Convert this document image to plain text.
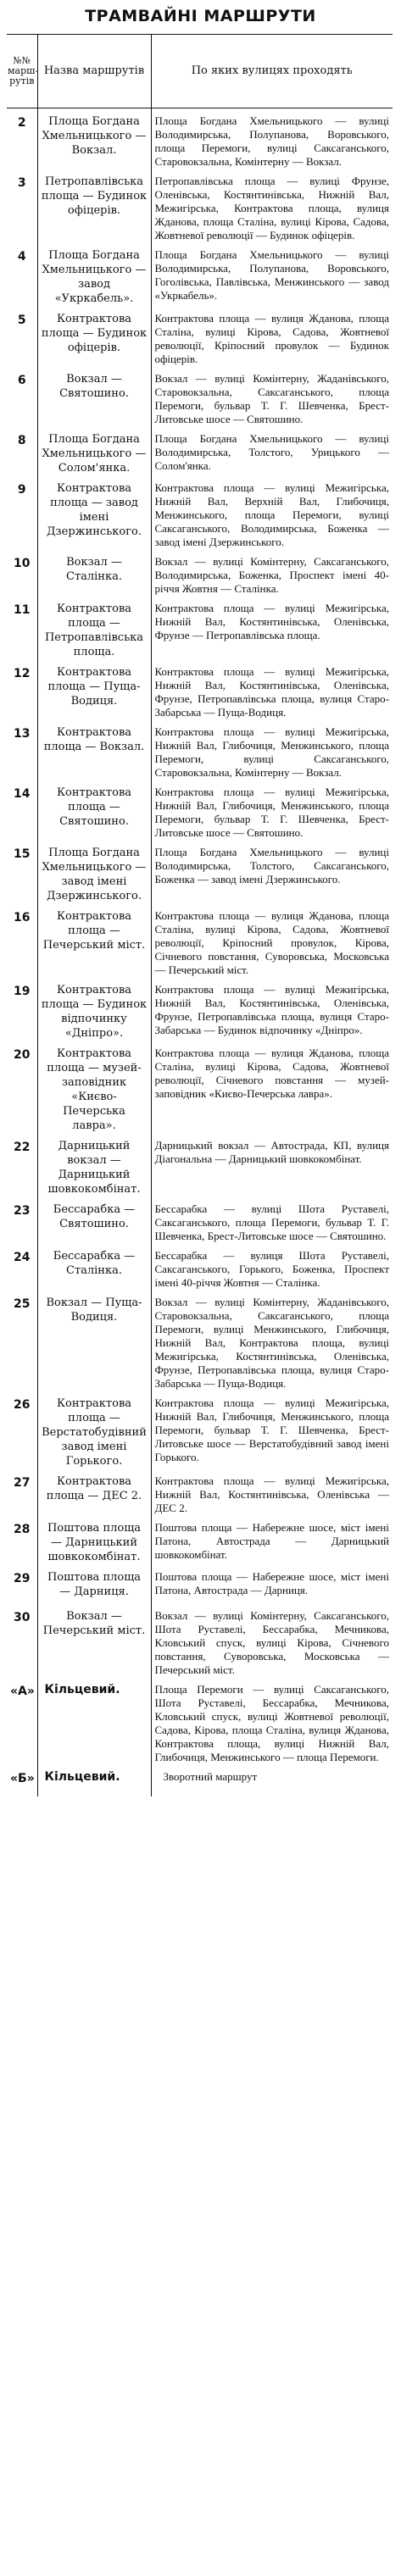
ТРАМВАЙНІ МАРШРУТИ
№№ марш-рутів	Назва маршрутів	По яких вулицях проходять
2	Площа Богдана Хмельницького — Вокзал.	Площа Богдана Хмельницького — вулиці Володимирська, Полупанова, Воровського, площа Перемоги, вулиці Саксаганського, Старовокзальна, Комінтерну — Вокзал.
3	Петропавлівська площа — Будинок офіцерів.	Петропавлівська площа — вулиці Фрунзе, Оленівська, Костянтинівська, Нижній Вал, Межигірська, Контрактова площа, вулиця Жданова, площа Сталіна, вулиці Кірова, Садова, Жовтневої революції — Будинок офіцерів.
4	Площа Богдана Хмельницького — завод «Укркабель».	Площа Богдана Хмельницького — вулиці Володимирська, Полупанова, Воровського, Гоголівська, Павлівська, Менжинського — завод «Укркабель».
5	Контрактова площа — Будинок офіцерів.	Контрактова площа — вулиця Жданова, площа Сталіна, вулиці Кірова, Садова, Жовтневої революції, Кріпосний провулок — Будинок офіцерів.
6	Вокзал — Святошино.	Вокзал — вулиці Комінтерну, Жаданівського, Старовокзальна, Саксаганського, площа Перемоги, бульвар Т. Г. Шевченка, Брест-Литовське шосе — Святошино.
8	Площа Богдана Хмельницького — Солом'янка.	Площа Богдана Хмельницького — вулиці Володимирська, Толстого, Урицького — Солом'янка.
9	Контрактова площа — завод імені Дзержинського.	Контрактова площа — вулиці Межигірська, Нижній Вал, Верхній Вал, Глибочиця, Менжинського, площа Перемоги, вулиці Саксаганського, Володимирська, Боженка — завод імені Дзержинського.
10	Вокзал — Сталінка.	Вокзал — вулиці Комінтерну, Саксаганського, Володимирська, Боженка, Проспект імені 40-річчя Жовтня — Сталінка.
11	Контрактова площа — Петропавлівська площа.	Контрактова площа — вулиці Межигірська, Нижній Вал, Костянтинівська, Оленівська, Фрунзе — Петропавлівська площа.
12	Контрактова площа — Пуща-Водиця.	Контрактова площа — вулиці Межигірська, Нижній Вал, Костянтинівська, Оленівська, Фрунзе, Петропавлівська площа, вулиця Старо-Забарська — Пуща-Водиця.
13	Контрактова площа — Вокзал.	Контрактова площа — вулиці Межигірська, Нижній Вал, Глибочиця, Менжинського, площа Перемоги, вулиці Саксаганського, Старовокзальна, Комінтерну — Вокзал.
14	Контрактова площа — Святошино.	Контрактова площа — вулиці Межигірська, Нижній Вал, Глибочиця, Менжинського, площа Перемоги, бульвар Т. Г. Шевченка, Брест-Литовське шосе — Святошино.
15	Площа Богдана Хмельницького — завод імені Дзержинського.	Площа Богдана Хмельницького — вулиці Володимирська, Толстого, Саксаганського, Боженка — завод імені Дзержинського.
16	Контрактова площа — Печерський міст.	Контрактова площа — вулиця Жданова, площа Сталіна, вулиці Кірова, Садова, Жовтневої революції, Кріпосний провулок, Кірова, Січневого повстання, Суворовська, Московська — Печерський міст.
19	Контрактова площа — Будинок відпочинку «Дніпро».	Контрактова площа — вулиці Межигірська, Нижній Вал, Костянтинівська, Оленівська, Фрунзе, Петропавлівська площа, вулиця Старо-Забарська — Будинок відпочинку «Дніпро».
20	Контрактова площа — музей-заповідник «Києво-Печерська лавра».	Контрактова площа — вулиця Жданова, площа Сталіна, вулиці Кірова, Садова, Жовтневої революції, Січневого повстання — музей-заповідник «Києво-Печерська лавра».
22	Дарницький вокзал — Дарницький шовкокомбінат.	Дарницький вокзал — Автострада, КП, вулиця Діагональна — Дарницький шовкокомбінат.
23	Бессарабка — Святошино.	Бессарабка — вулиці Шота Руставелі, Саксаганського, площа Перемоги, бульвар Т. Г. Шевченка, Брест-Литовське шосе — Святошино.
24	Бессарабка — Сталінка.	Бессарабка — вулиця Шота Руставелі, Саксаганського, Горького, Боженка, Проспект імені 40-річчя Жовтня — Сталінка.
25	Вокзал — Пуща-Водиця.	Вокзал — вулиці Комінтерну, Жаданівського, Старовокзальна, Саксаганського, площа Перемоги, вулиці Менжинського, Глибочиця, Нижній Вал, Контрактова площа, вулиці Межигірська, Костянтинівська, Оленівська, Фрунзе, Петропавлівська площа, вулиця Старо-Забарська — Пуща-Водиця.
26	Контрактова площа — Верстатобудівний завод імені Горького.	Контрактова площа — вулиці Межигірська, Нижній Вал, Глибочиця, Менжинського, площа Перемоги, бульвар Т. Г. Шевченка, Брест-Литовське шосе — Верстатобудівний завод імені Горького.
27	Контрактова площа — ДЕС 2.	Контрактова площа — вулиці Межигірська, Нижній Вал, Костянтинівська, Оленівська — ДЕС 2.
28	Поштова площа — Дарницький шовкокомбінат.	Поштова площа — Набережне шосе, міст імені Патона, Автострада — Дарницький шовкокомбінат.
29	Поштова площа — Дарниця.	Поштова площа — Набережне шосе, міст імені Патона, Автострада — Дарниця.
30	Вокзал — Печерський міст.	Вокзал — вулиці Комінтерну, Саксаганського, Шота Руставелі, Бессарабка, Мечникова, Кловський спуск, вулиці Кірова, Січневого повстання, Суворовська, Московська — Печерський міст.
«А»	Кільцевий.	Площа Перемоги — вулиці Саксаганського, Шота Руставелі, Бессарабка, Мечникова, Кловський спуск, вулиці Жовтневої революції, Садова, Кірова, площа Сталіна, вулиця Жданова, Контрактова площа, вулиці Нижній Вал, Глибочиця, Менжинського — площа Перемоги.
«Б»	Кільцевий.	Зворотний маршрут
